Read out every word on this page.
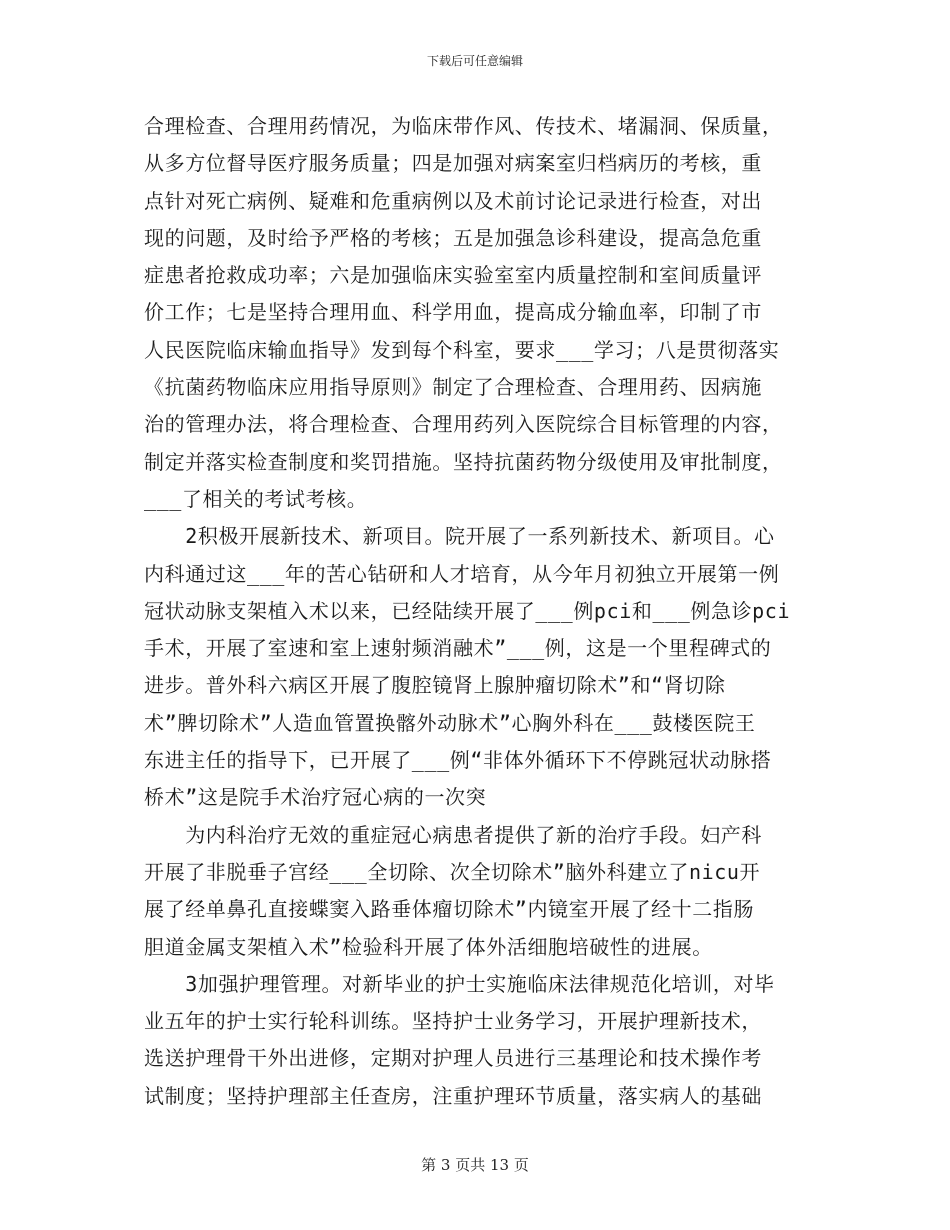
下载后可任意编辑
合理检查、合理用药情况，为临床带作风、传技术、堵漏洞、保质量，
从多方位督导医疗服务质量；四是加强对病案室归档病历的考核，重
点针对死亡病例、疑难和危重病例以及术前讨论记录进行检查，对出
现的问题，及时给予严格的考核；五是加强急诊科建设，提高急危重
症患者抢救成功率；六是加强临床实验室室内质量控制和室间质量评
价工作；七是坚持合理用血、科学用血，提高成分输血率，印制了市
人民医院临床输血指导》发到每个科室，要求___学习；八是贯彻落实
《抗菌药物临床应用指导原则》制定了合理检查、合理用药、因病施
治的管理办法，将合理检查、合理用药列入医院综合目标管理的内容，
制定并落实检查制度和奖罚措施。坚持抗菌药物分级使用及审批制度，
___了相关的考试考核。
　　2积极开展新技术、新项目。院开展了一系列新技术、新项目。心
内科通过这___年的苦心钻研和人才培育，从今年月初独立开展第一例
冠状动脉支架植入术以来，已经陆续开展了___例pci和___例急诊pci
手术，开展了室速和室上速射频消融术”___例，这是一个里程碑式的
进步。普外科六病区开展了腹腔镜肾上腺肿瘤切除术”和“肾切除
术”脾切除术”人造血管置换髂外动脉术”心胸外科在___鼓楼医院王
东进主任的指导下，已开展了___例“非体外循环下不停跳冠状动脉搭
桥术”这是院手术治疗冠心病的一次突
　　为内科治疗无效的重症冠心病患者提供了新的治疗手段。妇产科
开展了非脱垂子宫经___全切除、次全切除术”脑外科建立了nicu开
展了经单鼻孔直接蝶窦入路垂体瘤切除术”内镜室开展了经十二指肠
胆道金属支架植入术”检验科开展了体外活细胞培破性的进展。
　　3加强护理管理。对新毕业的护士实施临床法律规范化培训，对毕
业五年的护士实行轮科训练。坚持护士业务学习，开展护理新技术，
选送护理骨干外出进修，定期对护理人员进行三基理论和技术操作考
试制度；坚持护理部主任查房，注重护理环节质量，落实病人的基础
第 3 页共 13 页
